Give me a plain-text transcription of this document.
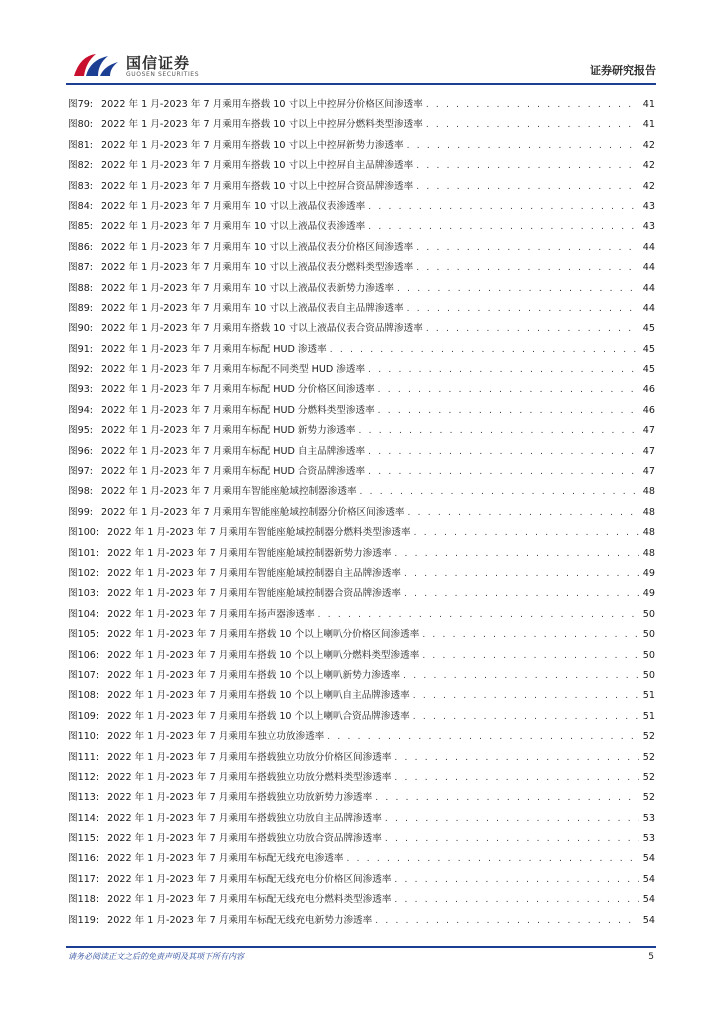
国信证券
GUOSEN SECURITIES	证券研究报告
图79: 2022 年 1 月-2023 年 7 月乘用车搭载 10 寸以上中控屏分价格区间渗透率 . . .	41
图80: 2022 年 1 月-2023 年 7 月乘用车搭载 10 寸以上中控屏分燃料类型渗透率 . . .	41
图81: 2022 年 1 月-2023 年 7 月乘用车搭载 10 寸以上中控屏新势力渗透率 . . .	42
图82: 2022 年 1 月-2023 年 7 月乘用车搭载 10 寸以上中控屏自主品牌渗透率 . . .	42
图83: 2022 年 1 月-2023 年 7 月乘用车搭载 10 寸以上中控屏合资品牌渗透率 . . .	42
图84: 2022 年 1 月-2023 年 7 月乘用车 10 寸以上液晶仪表渗透率 . . .	43
图85: 2022 年 1 月-2023 年 7 月乘用车 10 寸以上液晶仪表渗透率 . . .	43
图86: 2022 年 1 月-2023 年 7 月乘用车 10 寸以上液晶仪表分价格区间渗透率 . . .	44
图87: 2022 年 1 月-2023 年 7 月乘用车 10 寸以上液晶仪表分燃料类型渗透率 . . .	44
图88: 2022 年 1 月-2023 年 7 月乘用车 10 寸以上液晶仪表新势力渗透率 . . .	44
图89: 2022 年 1 月-2023 年 7 月乘用车 10 寸以上液晶仪表自主品牌渗透率 . . .	44
图90: 2022 年 1 月-2023 年 7 月乘用车搭载 10 寸以上液晶仪表合资品牌渗透率 . . .	45
图91: 2022 年 1 月-2023 年 7 月乘用车标配 HUD 渗透率 . . .	45
图92: 2022 年 1 月-2023 年 7 月乘用车标配不同类型 HUD 渗透率 . . .	45
图93: 2022 年 1 月-2023 年 7 月乘用车标配 HUD 分价格区间渗透率 . . .	46
图94: 2022 年 1 月-2023 年 7 月乘用车标配 HUD 分燃料类型渗透率 . . .	46
图95: 2022 年 1 月-2023 年 7 月乘用车标配 HUD 新势力渗透率 . . .	47
图96: 2022 年 1 月-2023 年 7 月乘用车标配 HUD 自主品牌渗透率 . . .	47
图97: 2022 年 1 月-2023 年 7 月乘用车标配 HUD 合资品牌渗透率 . . .	47
图98: 2022 年 1 月-2023 年 7 月乘用车智能座舱域控制器渗透率 . . .	48
图99: 2022 年 1 月-2023 年 7 月乘用车智能座舱域控制器分价格区间渗透率 . . .	48
图100: 2022 年 1 月-2023 年 7 月乘用车智能座舱域控制器分燃料类型渗透率 . . .	48
图101: 2022 年 1 月-2023 年 7 月乘用车智能座舱域控制器新势力渗透率 . . .	48
图102: 2022 年 1 月-2023 年 7 月乘用车智能座舱域控制器自主品牌渗透率 . . .	49
图103: 2022 年 1 月-2023 年 7 月乘用车智能座舱域控制器合资品牌渗透率 . . .	49
图104: 2022 年 1 月-2023 年 7 月乘用车扬声器渗透率 . . .	50
图105: 2022 年 1 月-2023 年 7 月乘用车搭载 10 个以上喇叭分价格区间渗透率 . . .	50
图106: 2022 年 1 月-2023 年 7 月乘用车搭载 10 个以上喇叭分燃料类型渗透率 . . .	50
图107: 2022 年 1 月-2023 年 7 月乘用车搭载 10 个以上喇叭新势力渗透率 . . .	50
图108: 2022 年 1 月-2023 年 7 月乘用车搭载 10 个以上喇叭自主品牌渗透率 . . .	51
图109: 2022 年 1 月-2023 年 7 月乘用车搭载 10 个以上喇叭合资品牌渗透率 . . .	51
图110: 2022 年 1 月-2023 年 7 月乘用车独立功放渗透率 . . .	52
图111: 2022 年 1 月-2023 年 7 月乘用车搭载独立功放分价格区间渗透率 . . .	52
图112: 2022 年 1 月-2023 年 7 月乘用车搭载独立功放分燃料类型渗透率 . . .	52
图113: 2022 年 1 月-2023 年 7 月乘用车搭载独立功放新势力渗透率 . . .	52
图114: 2022 年 1 月-2023 年 7 月乘用车搭载独立功放自主品牌渗透率 . . .	53
图115: 2022 年 1 月-2023 年 7 月乘用车搭载独立功放合资品牌渗透率 . . .	53
图116: 2022 年 1 月-2023 年 7 月乘用车标配无线充电渗透率 . . .	54
图117: 2022 年 1 月-2023 年 7 月乘用车标配无线充电分价格区间渗透率 . . .	54
图118: 2022 年 1 月-2023 年 7 月乘用车标配无线充电分燃料类型渗透率 . . .	54
图119: 2022 年 1 月-2023 年 7 月乘用车标配无线充电新势力渗透率 . . .	54
请务必阅读正文之后的免责声明及其项下所有内容	5
